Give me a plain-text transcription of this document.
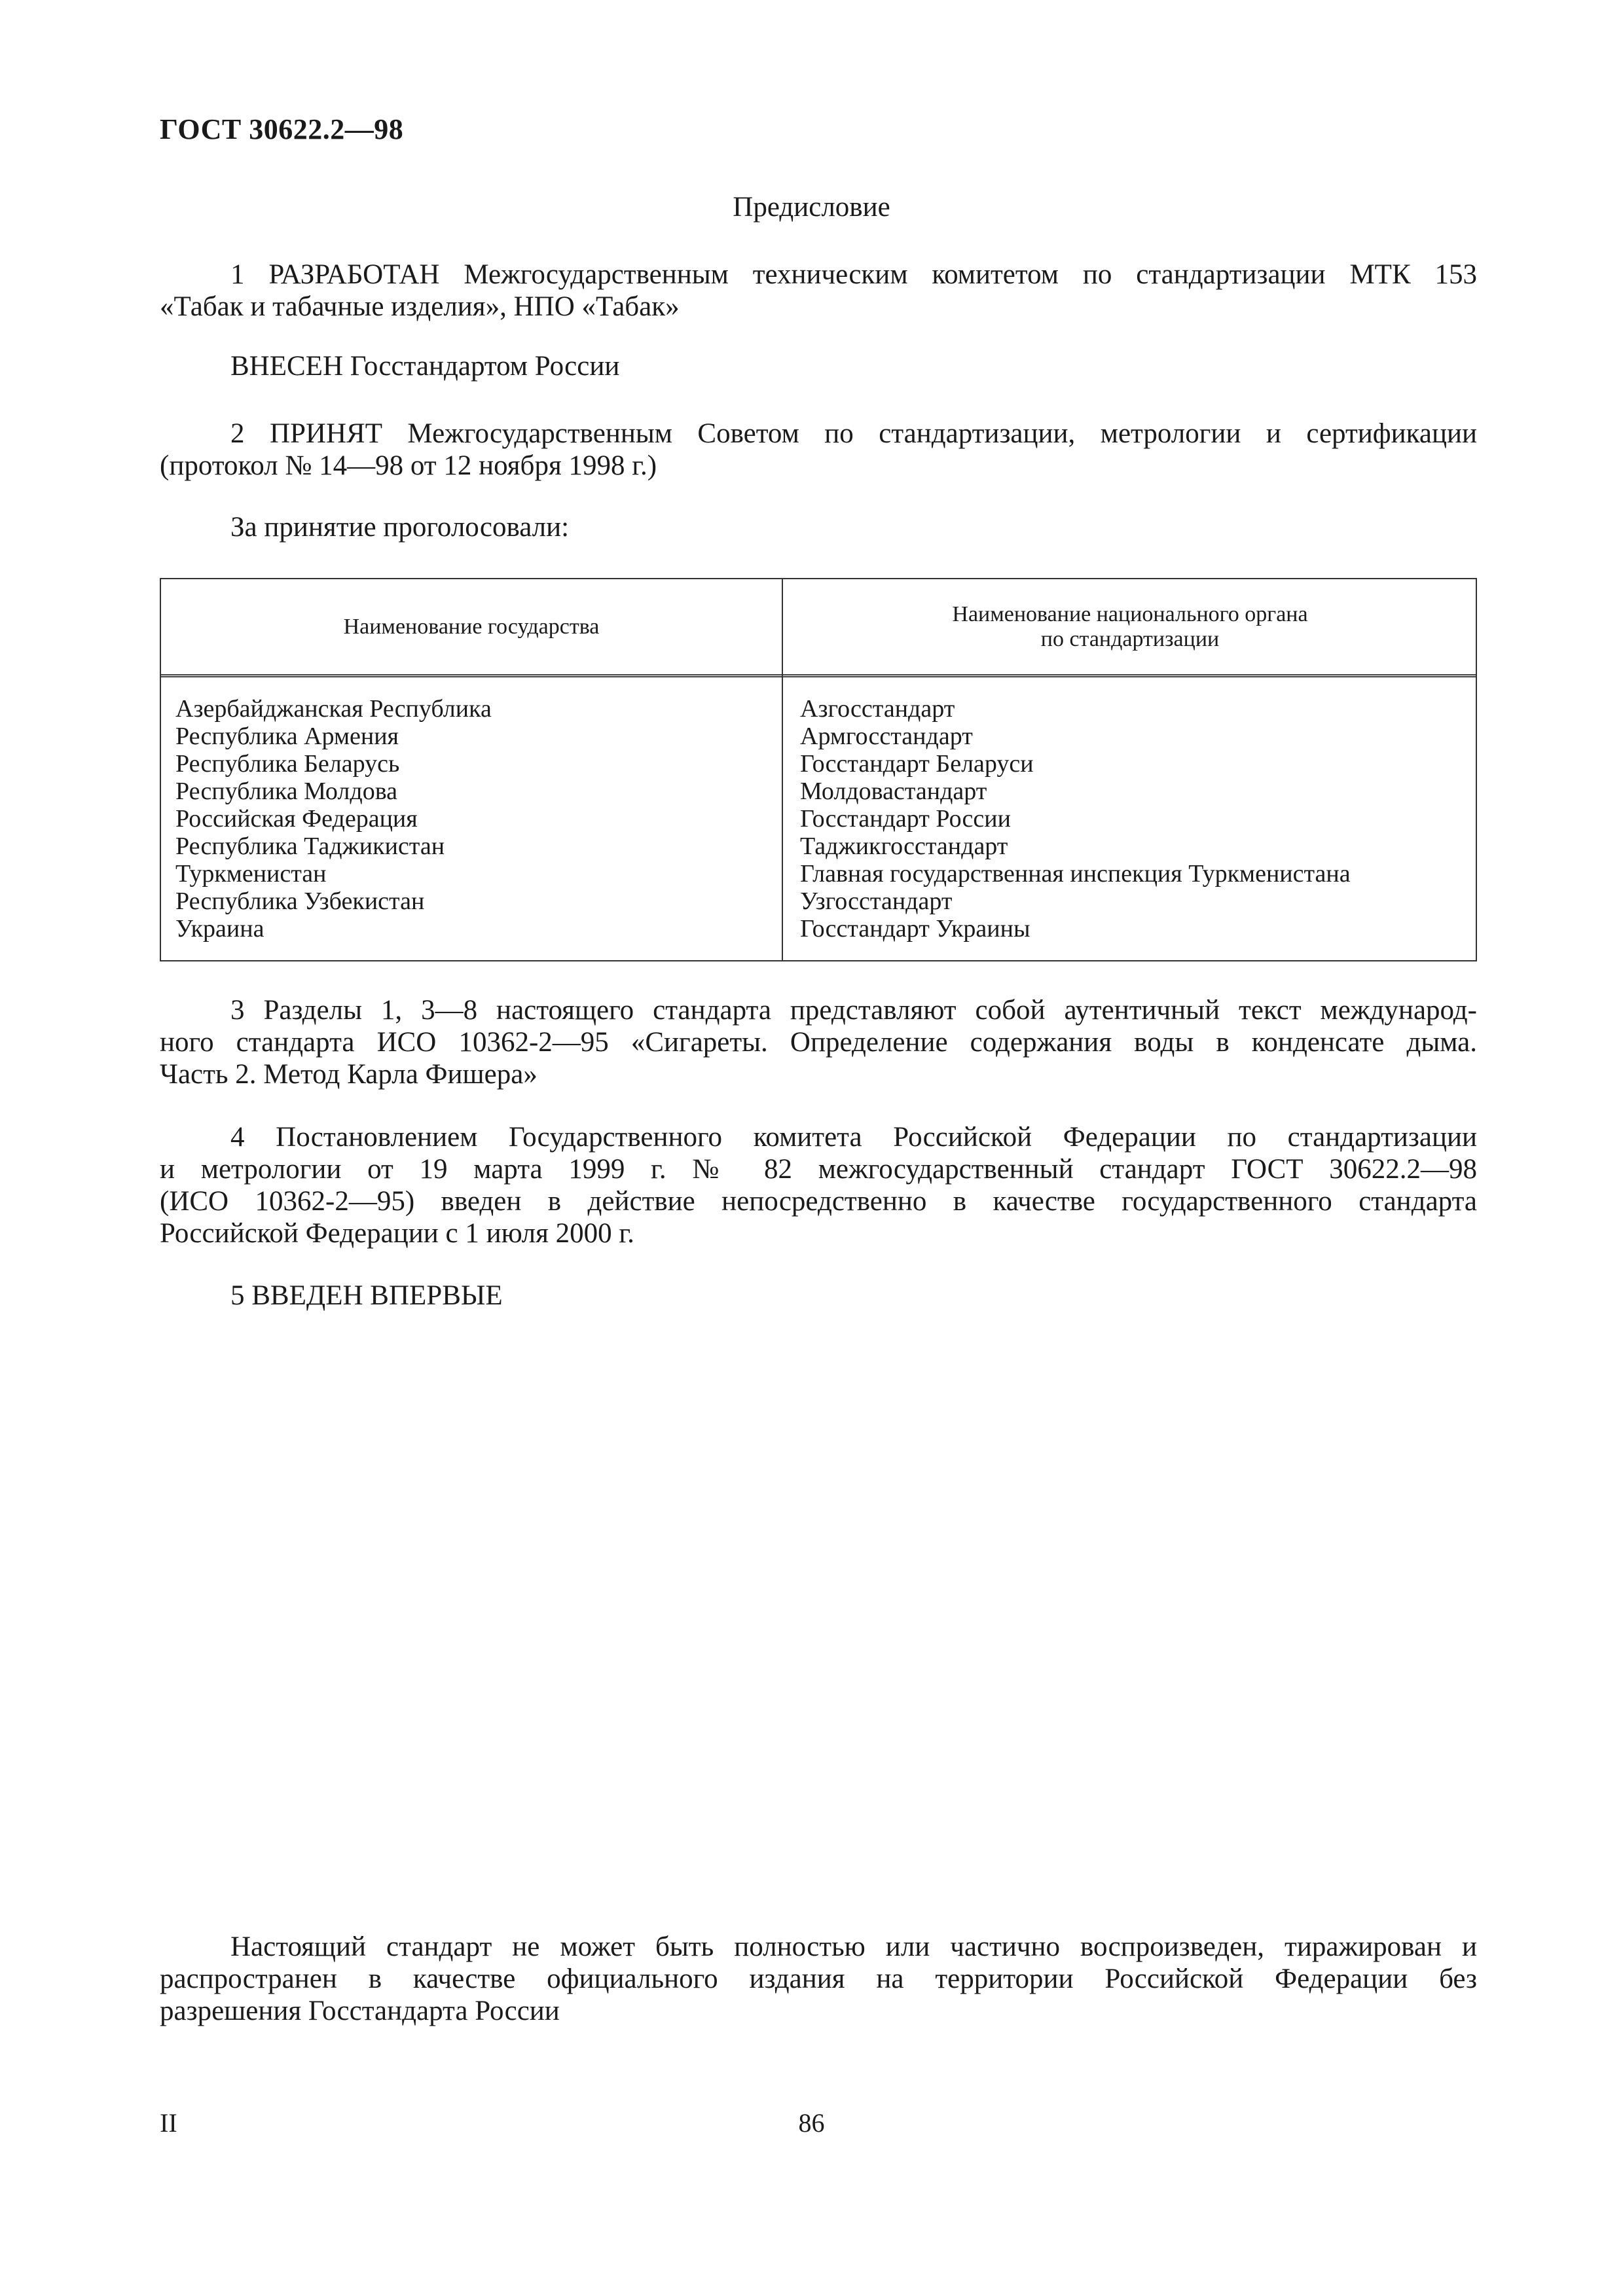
ГОСТ 30622.2—98
Предисловие
1 РАЗРАБОТАН Межгосударственным техническим комитетом по стандартизации МТК 153
«Табак и табачные изделия», НПО «Табак»
ВНЕСЕН Госстандартом России
2 ПРИНЯТ Межгосударственным Советом по стандартизации, метрологии и сертификации
(протокол № 14—98 от 12 ноября 1998 г.)
За принятие проголосовали:
Наименование государства
Наименование национального органа
по стандартизации
Азербайджанская Республика
Республика Армения
Республика Беларусь
Республика Молдова
Российская Федерация
Республика Таджикистан
Туркменистан
Республика Узбекистан
Украина
Азгосстандарт
Армгосстандарт
Госстандарт Беларуси
Молдовастандарт
Госстандарт России
Таджикгосстандарт
Главная государственная инспекция Туркменистана
Узгосстандарт
Госстандарт Украины
3 Разделы 1, 3—8 настоящего стандарта представляют собой аутентичный текст международ-
ного стандарта ИСО 10362-2—95 «Сигареты. Определение содержания воды в конденсате дыма.
Часть 2. Метод Карла Фишера»
4 Постановлением Государственного комитета Российской Федерации по стандартизации
и метрологии от 19 марта 1999 г. № 82 межгосударственный стандарт ГОСТ 30622.2—98
(ИСО 10362-2—95) введен в действие непосредственно в качестве государственного стандарта
Российской Федерации с 1 июля 2000 г.
5 ВВЕДЕН ВПЕРВЫЕ
Настоящий стандарт не может быть полностью или частично воспроизведен, тиражирован и
распространен в качестве официального издания на территории Российской Федерации без
разрешения Госстандарта России
II	86
